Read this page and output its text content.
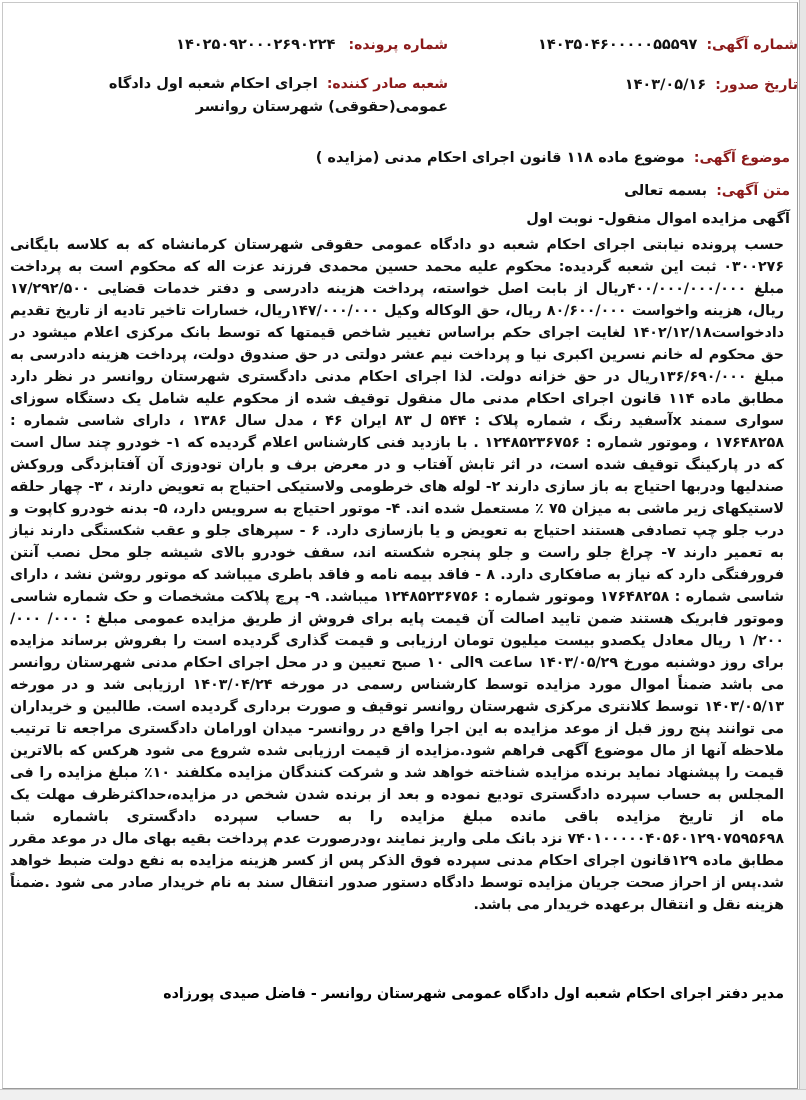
شماره آگهی: ۱۴۰۳۵۰۴۶۰۰۰۰۰۵۵۵۹۷
شماره پرونده: ۱۴۰۲۵۰۹۲۰۰۰۲۶۹۰۲۲۴
تاریخ صدور: ۱۴۰۳/۰۵/۱۶
شعبه صادر کننده: اجرای احکام شعبه اول دادگاه عمومی(حقوقی) شهرستان روانسر
موضوع آگهی: موضوع ماده ۱۱۸ قانون اجرای احکام مدنی (مزایده )
متن آگهی: بسمه تعالی
آگهی مزایده اموال منقول- نوبت اول

حسب پرونده نیابتی اجرای احکام شعبه دو دادگاه عمومی حقوقی شهرستان کرمانشاه که به کلاسه بایگانی ۰۳۰۰۲۷۶ ثبت این شعبه گردیده: محکوم علیه محمد حسین محمدی فرزند عزت اله که محکوم است به پرداخت مبلغ ۴۰۰/۰۰۰/۰۰۰/۰۰۰ریال از بابت اصل خواسته، پرداخت هزینه دادرسی و دفتر خدمات قضایی ۱۷/۲۹۲/۵۰۰ ریال، هزینه واخواست ۸۰/۶۰۰/۰۰۰ ریال، حق الوکاله وکیل ۱۴۷/۰۰۰/۰۰۰ریال، خسارات تاخیر تادیه از تاریخ تقدیم دادخواست۱۴۰۲/۱۲/۱۸ لغایت اجرای حکم براساس تغییر شاخص قیمتها که توسط بانک مرکزی اعلام میشود در حق محکوم له خانم نسرین اکبری نیا و پرداخت نیم عشر دولتی در حق صندوق دولت، پرداخت هزینه دادرسی به مبلغ ۱۳۶/۶۹۰/۰۰۰ریال در حق خزانه دولت. لذا اجرای احکام مدنی دادگستری شهرستان روانسر در نظر دارد مطابق ماده ۱۱۴ قانون اجرای احکام مدنی مال منقول توقیف شده از محکوم علیه شامل یک دستگاه سوزای سواری سمند xآسفید رنگ ، شماره پلاک : ۵۴۴ ل ۸۳ ایران ۴۶ ، مدل سال ۱۳۸۶ ، دارای شاسی شماره : ۱۷۶۴۸۲۵۸ ، وموتور شماره : ۱۲۴۸۵۲۳۶۷۵۶ . با بازدید فنی کارشناس اعلام گردیده که ۱- خودرو چند سال است که در پارکینگ توقیف شده است، در اثر تابش آفتاب و در معرض برف و باران تودوزی آن آفتابزدگی وروکش صندلیها ودربها احتیاج به باز سازی دارند ۲- لوله های خرطومی ولاستیکی احتیاج به تعویض دارند ، ۳- چهار حلقه لاستیکهای زیر ماشی به میزان ۷۵ ٪ مستعمل شده اند. ۴- موتور احتیاج به سرویس دارد، ۵- بدنه خودرو کاپوت و درب جلو چپ تصادفی هستند احتیاج به تعویض و یا بازسازی دارد. ۶ - سپرهای جلو و عقب شکستگی دارند نیاز به تعمیر دارند ۷- چراغ جلو راست و جلو پنجره شکسته اند، سقف خودرو بالای شیشه جلو محل نصب آنتن فرورفتگی دارد که نیاز به صافکاری دارد. ۸ - فاقد بیمه نامه و فاقد باطری میباشد که موتور روشن نشد ، دارای شاسی شماره : ۱۷۶۴۸۲۵۸ وموتور شماره : ۱۲۴۸۵۲۳۶۷۵۶ میباشد. ۹- پرچ پلاکت مشخصات و حک شماره شاسی وموتور فابریک هستند ضمن تایید اصالت آن قیمت پایه برای فروش از طریق مزایده عمومی مبلغ : ۰۰۰/ ۰۰۰/ ۲۰۰/ ۱ ریال معادل یکصدو بیست میلیون تومان ارزیابی و قیمت گذاری گردیده است را بفروش برساند مزایده برای روز دوشنبه مورخ ۱۴۰۳/۰۵/۲۹ ساعت ۹الی ۱۰ صبح تعیین و در محل اجرای احکام مدنی شهرستان روانسر می باشد ضمناً اموال مورد مزایده توسط کارشناس رسمی در مورخه ۱۴۰۳/۰۴/۲۴ ارزیابی شد و در مورخه ۱۴۰۳/۰۵/۱۳ توسط کلانتری مرکزی شهرستان روانسر توقیف و صورت برداری گردیده است. طالبین و خریداران می توانند پنج روز قبل از موعد مزایده به این اجرا واقع در روانسر- میدان اورامان دادگستری مراجعه تا ترتیب ملاحظه آنها از مال موضوع آگهی فراهم شود.مزایده از قیمت ارزیابی شده شروع می شود هرکس که بالاترین قیمت را پیشنهاد نماید برنده مزایده شناخته خواهد شد و شرکت کنندگان مزایده مکلفند ۱۰٪ مبلغ مزایده را فی المجلس به حساب سپرده دادگستری تودیع نموده و بعد از برنده شدن شخص در مزایده،حداکثرظرف مهلت یک ماه از تاریخ مزایده باقی مانده مبلغ مزایده را به حساب سپرده دادگستری باشماره شبا ۷۴۰۱۰۰۰۰۰۴۰۵۶۰۱۲۹۰۷۵۹۵۶۹۸ نزد بانک ملی واریز نمایند ،ودرصورت عدم پرداخت بقیه بهای مال در موعد مقرر مطابق ماده ۱۲۹قانون اجرای احکام مدنی سپرده فوق الذکر پس از کسر هزینه مزایده به نفع دولت ضبط خواهد شد.پس از احراز صحت جریان مزایده توسط دادگاه دستور صدور انتقال سند به نام خریدار صادر می شود .ضمناً هزینه نقل و انتقال برعهده خریدار می باشد.

مدیر دفتر اجرای احکام شعبه اول دادگاه عمومی شهرستان روانسر - فاضل صیدی پورزاده
